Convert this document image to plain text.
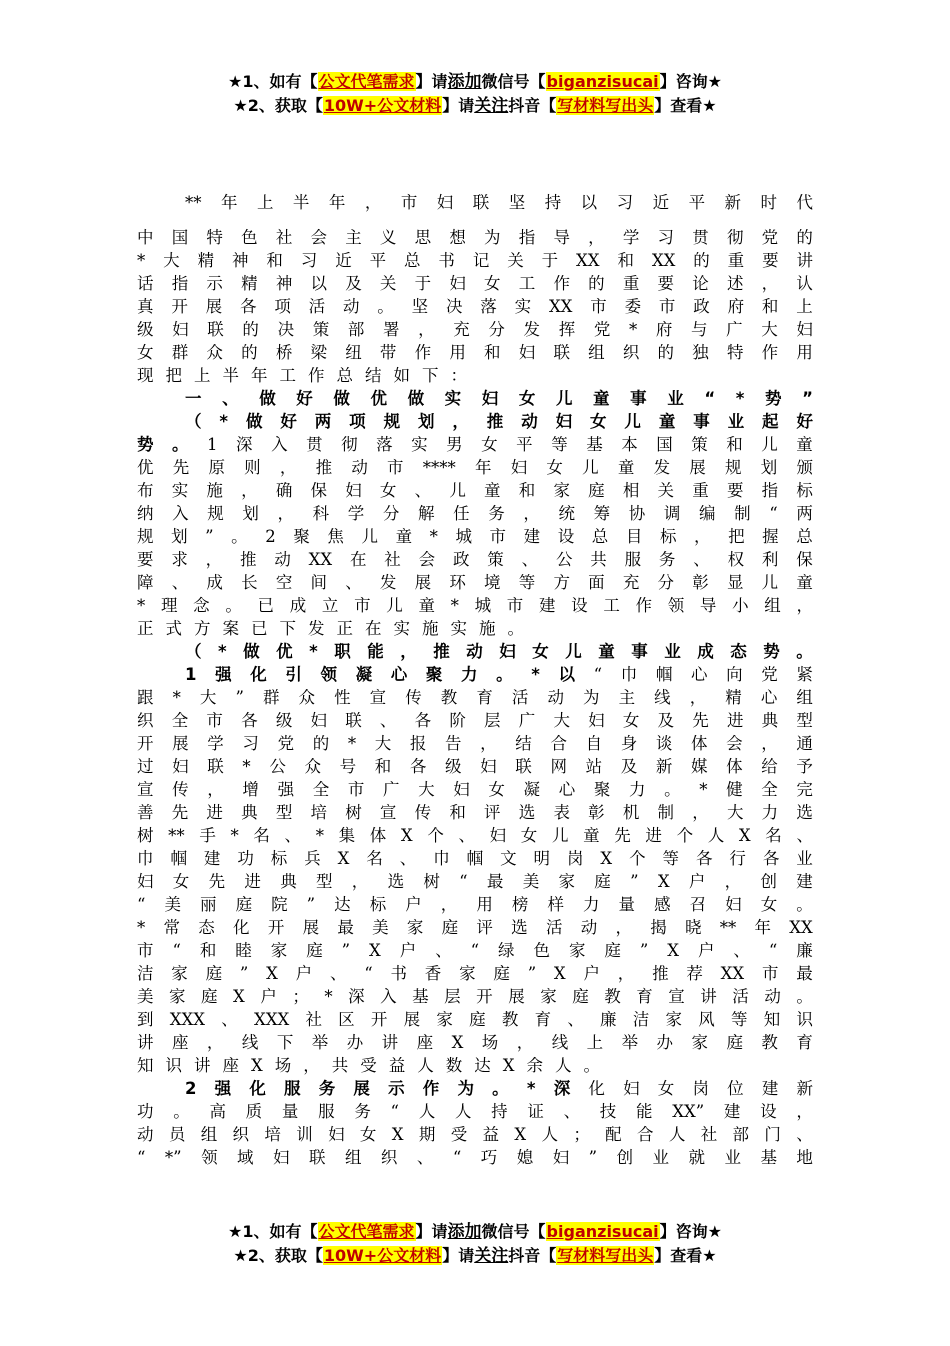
★1、如有【公文代笔需求】请添加微信号【biganzisucai】咨询★
★2、获取【10W+公文材料】请关注抖音【写材料写出头】查看★
** 年 上 半 年 ， 市 妇 联 坚 持 以 习 近 平 新 时 代
中 国 特 色 社 会 主 义 思 想 为 指 导 ， 学 习 贯 彻 党 的
* 大 精 神 和 习 近 平 总 书 记 关 于 XX 和 XX 的 重 要 讲
话 指 示 精 神 以 及 关 于 妇 女 工 作 的 重 要 论 述 ， 认
真 开 展 各 项 活 动 。 坚 决 落 实 XX 市 委 市 政 府 和 上
级 妇 联 的 决 策 部 署 ， 充 分 发 挥 党 * 府 与 广 大 妇
女 群 众 的 桥 梁 纽 带 作 用 和 妇 联 组 织 的 独 特 作 用
现 把 上 半 年 工 作 总 结 如 下 ：
一 、 做 好 做 优 做 实 妇 女 儿 童 事 业 “ * 势 ”
（ * 做 好 两 项 规 划 ， 推 动 妇 女 儿 童 事 业 起 好
势 。 1 深 入 贯 彻 落 实 男 女 平 等 基 本 国 策 和 儿 童
优 先 原 则 ， 推 动 市 **** 年 妇 女 儿 童 发 展 规 划 颁
布 实 施 ， 确 保 妇 女 、 儿 童 和 家 庭 相 关 重 要 指 标
纳 入 规 划 ， 科 学 分 解 任 务 ， 统 筹 协 调 编 制 “ 两
规 划 ” 。 2 聚 焦 儿 童 * 城 市 建 设 总 目 标 ， 把 握 总
要 求 ， 推 动 XX 在 社 会 政 策 、 公 共 服 务 、 权 利 保
障 、 成 长 空 间 、 发 展 环 境 等 方 面 充 分 彰 显 儿 童
* 理 念 。 已 成 立 市 儿 童 * 城 市 建 设 工 作 领 导 小 组 ，
正 式 方 案 已 下 发 正 在 实 施 实 施 。
（ * 做 优 * 职 能 ， 推 动 妇 女 儿 童 事 业 成 态 势 。
1 强 化 引 领 凝 心 聚 力 。 * 以 “ 巾 帼 心 向 党 紧
跟 * 大 ” 群 众 性 宣 传 教 育 活 动 为 主 线 ， 精 心 组
织 全 市 各 级 妇 联 、 各 阶 层 广 大 妇 女 及 先 进 典 型
开 展 学 习 党 的 * 大 报 告 ， 结 合 自 身 谈 体 会 ， 通
过 妇 联 * 公 众 号 和 各 级 妇 联 网 站 及 新 媒 体 给 予
宣 传 ， 增 强 全 市 广 大 妇 女 凝 心 聚 力 。 * 健 全 完
善 先 进 典 型 培 树 宣 传 和 评 选 表 彰 机 制 ， 大 力 选
树 ** 手 * 名 、 * 集 体 X 个 、 妇 女 儿 童 先 进 个 人 X 名 、
巾 帼 建 功 标 兵 X 名 、 巾 帼 文 明 岗 X 个 等 各 行 各 业
妇 女 先 进 典 型 ， 选 树 “ 最 美 家 庭 ” X 户 ， 创 建
“ 美 丽 庭 院 ” 达 标 户 ， 用 榜 样 力 量 感 召 妇 女 。
* 常 态 化 开 展 最 美 家 庭 评 选 活 动 ， 揭 晓 ** 年 XX
市 “ 和 睦 家 庭 ” X 户 、 “ 绿 色 家 庭 ” X 户 、 “ 廉
洁 家 庭 ” X 户 、 “ 书 香 家 庭 ” X 户 ， 推 荐 XX 市 最
美 家 庭 X 户 ； * 深 入 基 层 开 展 家 庭 教 育 宣 讲 活 动 。
到 XXX 、 XXX 社 区 开 展 家 庭 教 育 、 廉 洁 家 风 等 知 识
讲 座 ， 线 下 举 办 讲 座 X 场 ， 线 上 举 办 家 庭 教 育
知 识 讲 座 X 场 ， 共 受 益 人 数 达 X 余 人 。
2 强 化 服 务 展 示 作 为 。 * 深 化 妇 女 岗 位 建 新
功 。 高 质 量 服 务 “ 人 人 持 证 、 技 能 XX” 建 设 ，
动 员 组 织 培 训 妇 女 X 期 受 益 X 人 ； 配 合 人 社 部 门 、
“ *” 领 域 妇 联 组 织 、 “ 巧 媳 妇 ” 创 业 就 业 基 地
★1、如有【公文代笔需求】请添加微信号【biganzisucai】咨询★
★2、获取【10W+公文材料】请关注抖音【写材料写出头】查看★
